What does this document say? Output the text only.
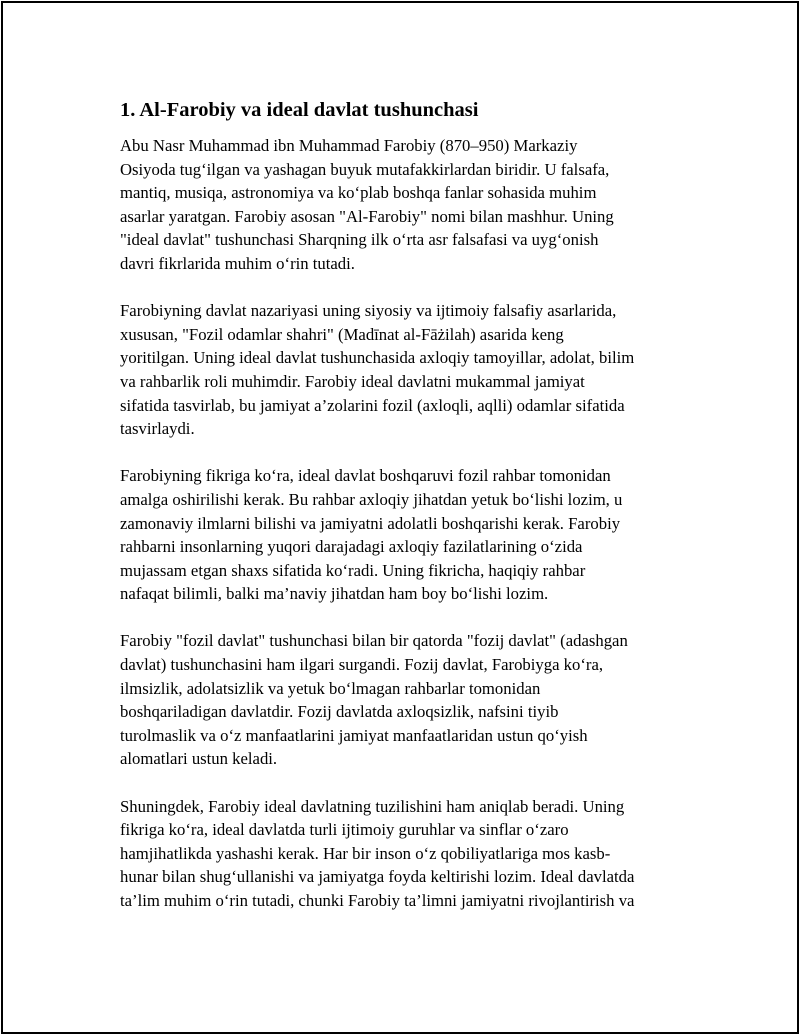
1. Al-Farobiy va ideal davlat tushunchasi

Abu Nasr Muhammad ibn Muhammad Farobiy (870–950) Markaziy
Osiyoda tug‘ilgan va yashagan buyuk mutafakkirlardan biridir. U falsafa,
mantiq, musiqa, astronomiya va ko‘plab boshqa fanlar sohasida muhim
asarlar yaratgan. Farobiy asosan "Al-Farobiy" nomi bilan mashhur. Uning
"ideal davlat" tushunchasi Sharqning ilk o‘rta asr falsafasi va uyg‘onish
davri fikrlarida muhim o‘rin tutadi.

Farobiyning davlat nazariyasi uning siyosiy va ijtimoiy falsafiy asarlarida,
xususan, "Fozil odamlar shahri" (Madīnat al-Fāżilah) asarida keng
yoritilgan. Uning ideal davlat tushunchasida axloqiy tamoyillar, adolat, bilim
va rahbarlik roli muhimdir. Farobiy ideal davlatni mukammal jamiyat
sifatida tasvirlab, bu jamiyat a’zolarini fozil (axloqli, aqlli) odamlar sifatida
tasvirlaydi.

Farobiyning fikriga ko‘ra, ideal davlat boshqaruvi fozil rahbar tomonidan
amalga oshirilishi kerak. Bu rahbar axloqiy jihatdan yetuk bo‘lishi lozim, u
zamonaviy ilmlarni bilishi va jamiyatni adolatli boshqarishi kerak. Farobiy
rahbarni insonlarning yuqori darajadagi axloqiy fazilatlarining o‘zida
mujassam etgan shaxs sifatida ko‘radi. Uning fikricha, haqiqiy rahbar
nafaqat bilimli, balki ma’naviy jihatdan ham boy bo‘lishi lozim.

Farobiy "fozil davlat" tushunchasi bilan bir qatorda "fozij davlat" (adashgan
davlat) tushunchasini ham ilgari surgandi. Fozij davlat, Farobiyga ko‘ra,
ilmsizlik, adolatsizlik va yetuk bo‘lmagan rahbarlar tomonidan
boshqariladigan davlatdir. Fozij davlatda axloqsizlik, nafsini tiyib
turolmaslik va o‘z manfaatlarini jamiyat manfaatlaridan ustun qo‘yish
alomatlari ustun keladi.

Shuningdek, Farobiy ideal davlatning tuzilishini ham aniqlab beradi. Uning
fikriga ko‘ra, ideal davlatda turli ijtimoiy guruhlar va sinflar o‘zaro
hamjihatlikda yashashi kerak. Har bir inson o‘z qobiliyatlariga mos kasb-
hunar bilan shug‘ullanishi va jamiyatga foyda keltirishi lozim. Ideal davlatda
ta’lim muhim o‘rin tutadi, chunki Farobiy ta’limni jamiyatni rivojlantirish va
